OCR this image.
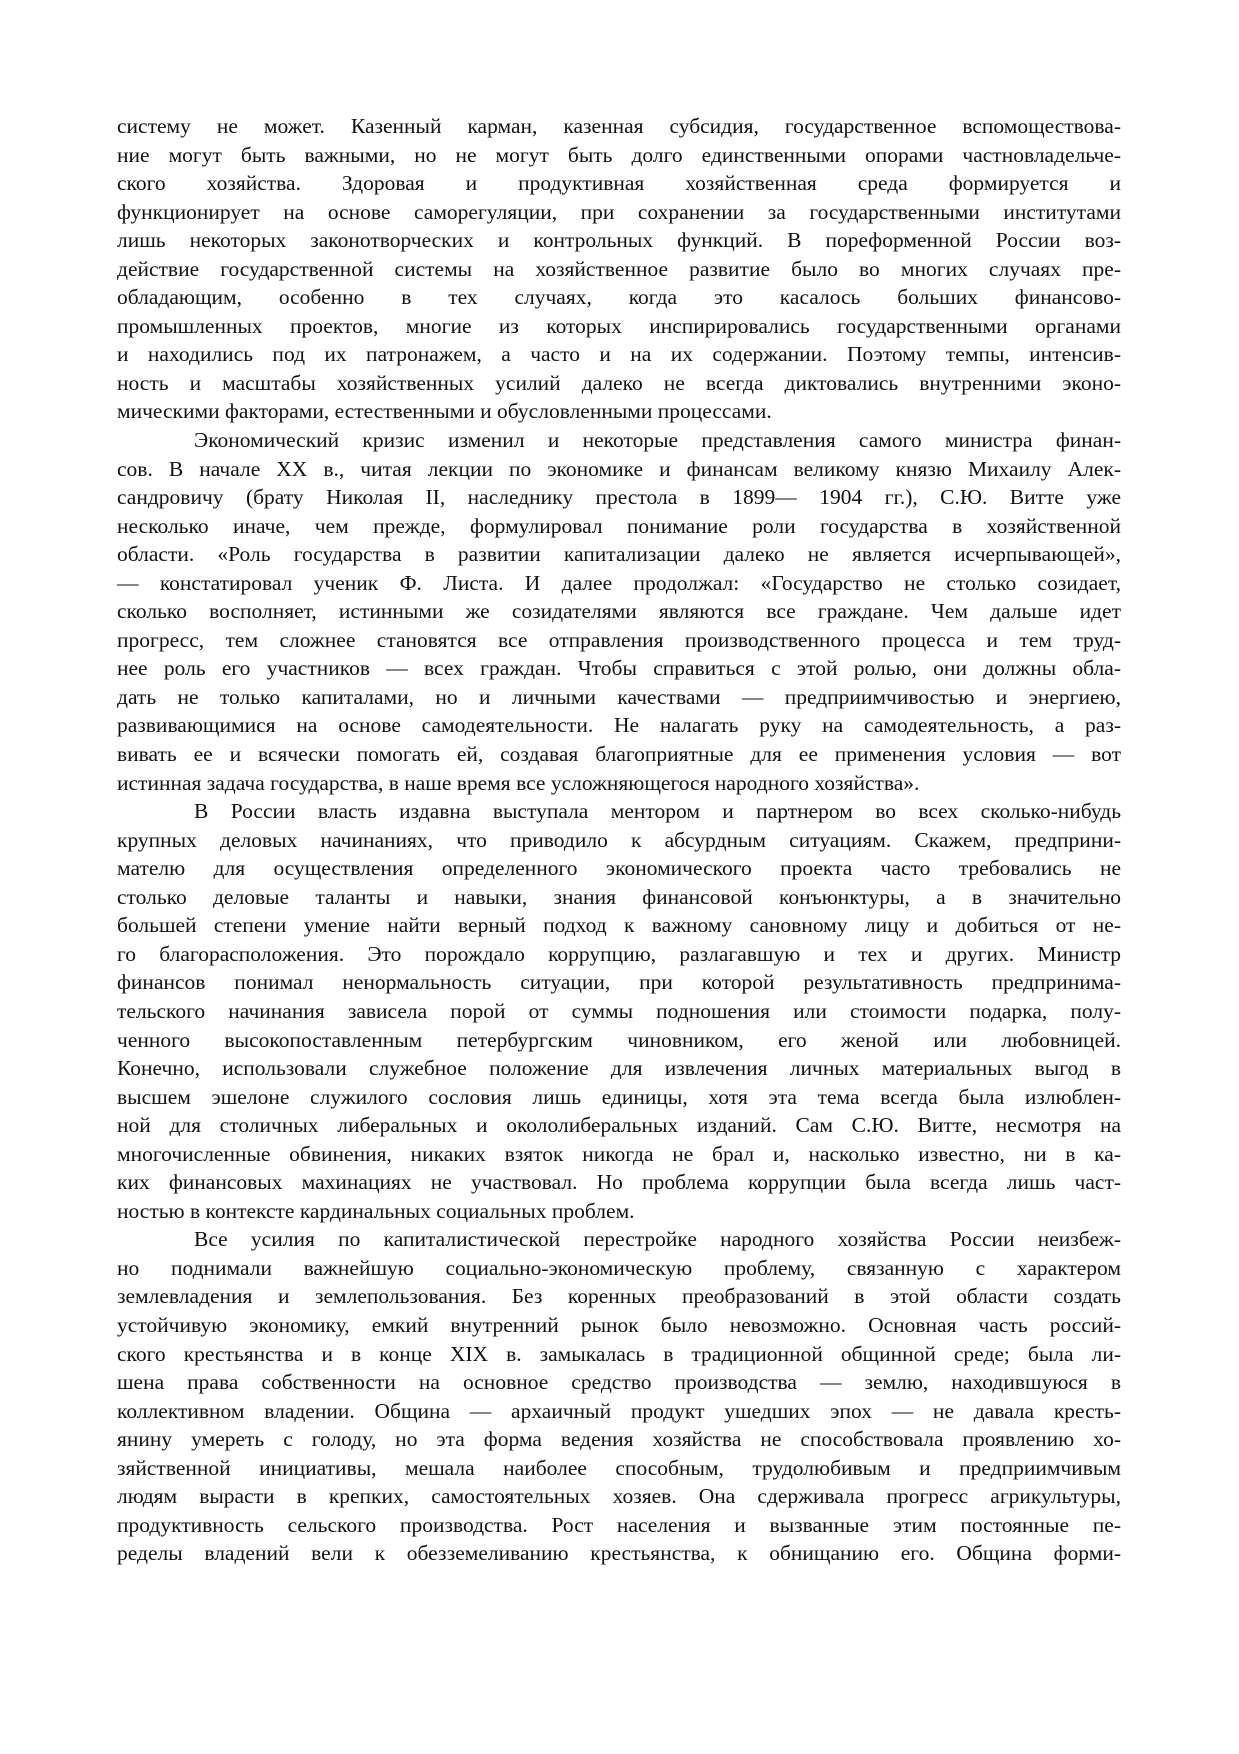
систему не может. Казенный карман, казенная субсидия, государственное вспомоществова-
ние могут быть важными, но не могут быть долго единственными опорами частновладельче-
ского хозяйства. Здоровая и продуктивная хозяйственная среда формируется и
функционирует на основе саморегуляции, при сохранении за государственными институтами
лишь некоторых законотворческих и контрольных функций. В пореформенной России воз-
действие государственной системы на хозяйственное развитие было во многих случаях пре-
обладающим, особенно в тех случаях, когда это касалось больших финансово-
промышленных проектов, многие из которых инспирировались государственными органами
и находились под их патронажем, а часто и на их содержании. Поэтому темпы, интенсив-
ность и масштабы хозяйственных усилий далеко не всегда диктовались внутренними эконо-
мическими факторами, естественными и обусловленными процессами.
Экономический кризис изменил и некоторые представления самого министра финан-
сов. В начале XX в., читая лекции по экономике и финансам великому князю Михаилу Алек-
сандровичу (брату Николая II, наследнику престола в 1899— 1904 гг.), С.Ю. Витте уже
несколько иначе, чем прежде, формулировал понимание роли государства в хозяйственной
области. «Роль государства в развитии капитализации далеко не является исчерпывающей»,
— констатировал ученик Ф. Листа. И далее продолжал: «Государство не столько созидает,
сколько восполняет, истинными же созидателями являются все граждане. Чем дальше идет
прогресс, тем сложнее становятся все отправления производственного процесса и тем труд-
нее роль его участников — всех граждан. Чтобы справиться с этой ролью, они должны обла-
дать не только капиталами, но и личными качествами — предприимчивостью и энергиею,
развивающимися на основе самодеятельности. Не налагать руку на самодеятельность, а раз-
вивать ее и всячески помогать ей, создавая благоприятные для ее применения условия — вот
истинная задача государства, в наше время все усложняющегося народного хозяйства».
В России власть издавна выступала ментором и партнером во всех сколько-нибудь
крупных деловых начинаниях, что приводило к абсурдным ситуациям. Скажем, предприни-
мателю для осуществления определенного экономического проекта часто требовались не
столько деловые таланты и навыки, знания финансовой конъюнктуры, а в значительно
большей степени умение найти верный подход к важному сановному лицу и добиться от не-
го благорасположения. Это порождало коррупцию, разлагавшую и тех и других. Министр
финансов понимал ненормальность ситуации, при которой результативность предпринима-
тельского начинания зависела порой от суммы подношения или стоимости подарка, полу-
ченного высокопоставленным петербургским чиновником, его женой или любовницей.
Конечно, использовали служебное положение для извлечения личных материальных выгод в
высшем эшелоне служилого сословия лишь единицы, хотя эта тема всегда была излюблен-
ной для столичных либеральных и окололиберальных изданий. Сам С.Ю. Витте, несмотря на
многочисленные обвинения, никаких взяток никогда не брал и, насколько известно, ни в ка-
ких финансовых махинациях не участвовал. Но проблема коррупции была всегда лишь част-
ностью в контексте кардинальных социальных проблем.
Все усилия по капиталистической перестройке народного хозяйства России неизбеж-
но поднимали важнейшую социально-экономическую проблему, связанную с характером
землевладения и землепользования. Без коренных преобразований в этой области создать
устойчивую экономику, емкий внутренний рынок было невозможно. Основная часть россий-
ского крестьянства и в конце XIX в. замыкалась в традиционной общинной среде; была ли-
шена права собственности на основное средство производства — землю, находившуюся в
коллективном владении. Община — архаичный продукт ушедших эпох — не давала кресть-
янину умереть с голоду, но эта форма ведения хозяйства не способствовала проявлению хо-
зяйственной инициативы, мешала наиболее способным, трудолюбивым и предприимчивым
людям вырасти в крепких, самостоятельных хозяев. Она сдерживала прогресс агрикультуры,
продуктивность сельского производства. Рост населения и вызванные этим постоянные пе-
ределы владений вели к обезземеливанию крестьянства, к обнищанию его. Община форми-
